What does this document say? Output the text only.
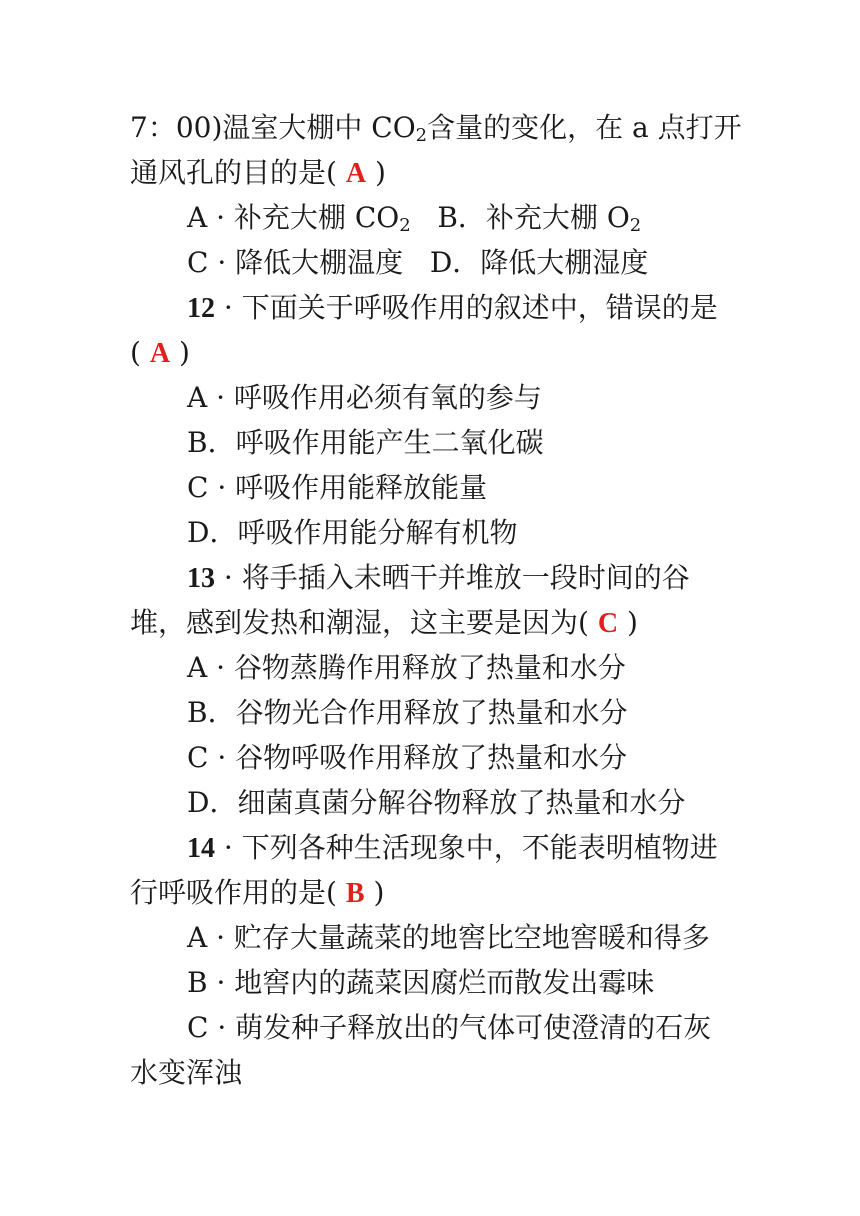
7：00)温室大棚中 $CO_2$含量的变化，在 a 点打开
通风孔的目的是( A )
A · 补充大棚 $CO_2$ B．补充大棚 $O_2$
C · 降低大棚温度 D．降低大棚湿度
12 · 下面关于呼吸作用的叙述中，错误的是
( A )
A · 呼吸作用必须有氧的参与
B．呼吸作用能产生二氧化碳
C · 呼吸作用能释放能量
D．呼吸作用能分解有机物
13 · 将手插入未晒干并堆放一段时间的谷
堆，感到发热和潮湿，这主要是因为( C )
A · 谷物蒸腾作用释放了热量和水分
B．谷物光合作用释放了热量和水分
C · 谷物呼吸作用释放了热量和水分
D．细菌真菌分解谷物释放了热量和水分
14 · 下列各种生活现象中，不能表明植物进
行呼吸作用的是( B )
A · 贮存大量蔬菜的地窖比空地窖暖和得多
B · 地窖内的蔬菜因腐烂而散发出霉味
C · 萌发种子释放出的气体可使澄清的石灰
水变浑浊
